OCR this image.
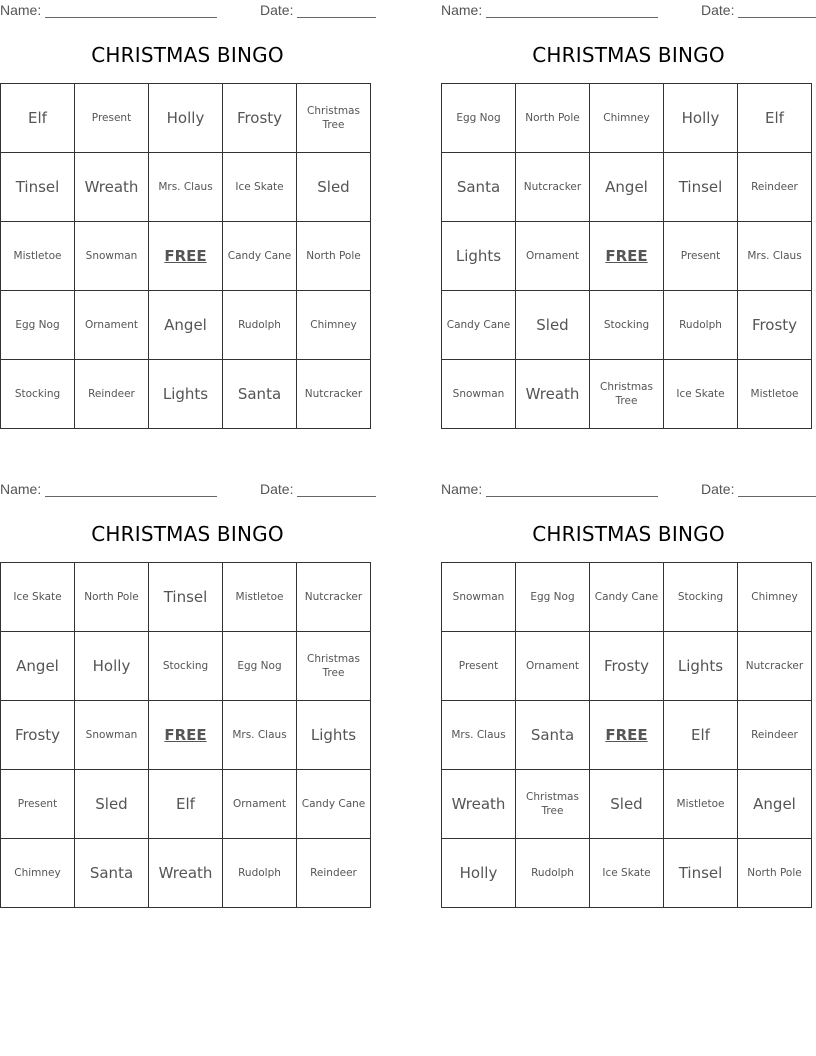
Name:	Date:
CHRISTMAS BINGO
Elf	Present	Holly	Frosty	Christmas Tree
Tinsel	Wreath	Mrs. Claus	Ice Skate	Sled
Mistletoe	Snowman	FREE	Candy Cane	North Pole
Egg Nog	Ornament	Angel	Rudolph	Chimney
Stocking	Reindeer	Lights	Santa	Nutcracker
Name:	Date:
CHRISTMAS BINGO
Egg Nog	North Pole	Chimney	Holly	Elf
Santa	Nutcracker	Angel	Tinsel	Reindeer
Lights	Ornament	FREE	Present	Mrs. Claus
Candy Cane	Sled	Stocking	Rudolph	Frosty
Snowman	Wreath	Christmas Tree	Ice Skate	Mistletoe
Name:	Date:
CHRISTMAS BINGO
Ice Skate	North Pole	Tinsel	Mistletoe	Nutcracker
Angel	Holly	Stocking	Egg Nog	Christmas Tree
Frosty	Snowman	FREE	Mrs. Claus	Lights
Present	Sled	Elf	Ornament	Candy Cane
Chimney	Santa	Wreath	Rudolph	Reindeer
Name:	Date:
CHRISTMAS BINGO
Snowman	Egg Nog	Candy Cane	Stocking	Chimney
Present	Ornament	Frosty	Lights	Nutcracker
Mrs. Claus	Santa	FREE	Elf	Reindeer
Wreath	Christmas Tree	Sled	Mistletoe	Angel
Holly	Rudolph	Ice Skate	Tinsel	North Pole
